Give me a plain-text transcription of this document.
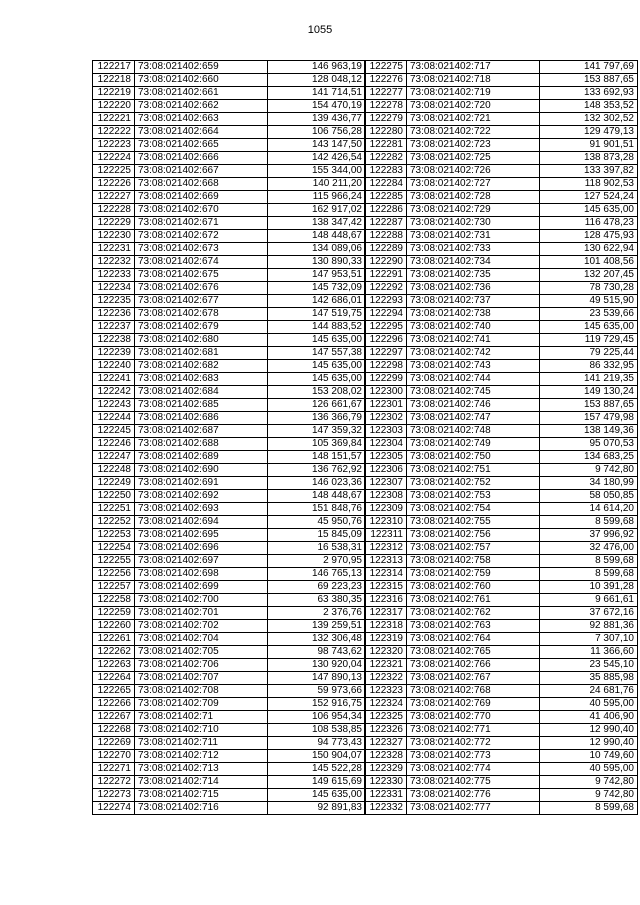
1055
122217	73:08:021402:659	146 963,19
122218	73:08:021402:660	128 048,12
122219	73:08:021402:661	141 714,51
122220	73:08:021402:662	154 470,19
122221	73:08:021402:663	139 436,77
122222	73:08:021402:664	106 756,28
122223	73:08:021402:665	143 147,50
122224	73:08:021402:666	142 426,54
122225	73:08:021402:667	155 344,00
122226	73:08:021402:668	140 211,20
122227	73:08:021402:669	115 966,24
122228	73:08:021402:670	162 917,02
122229	73:08:021402:671	138 347,42
122230	73:08:021402:672	148 448,67
122231	73:08:021402:673	134 089,06
122232	73:08:021402:674	130 890,33
122233	73:08:021402:675	147 953,51
122234	73:08:021402:676	145 732,09
122235	73:08:021402:677	142 686,01
122236	73:08:021402:678	147 519,75
122237	73:08:021402:679	144 883,52
122238	73:08:021402:680	145 635,00
122239	73:08:021402:681	147 557,38
122240	73:08:021402:682	145 635,00
122241	73:08:021402:683	145 635,00
122242	73:08:021402:684	153 208,02
122243	73:08:021402:685	126 661,67
122244	73:08:021402:686	136 366,79
122245	73:08:021402:687	147 359,32
122246	73:08:021402:688	105 369,84
122247	73:08:021402:689	148 151,57
122248	73:08:021402:690	136 762,92
122249	73:08:021402:691	146 023,36
122250	73:08:021402:692	148 448,67
122251	73:08:021402:693	151 848,76
122252	73:08:021402:694	45 950,76
122253	73:08:021402:695	15 845,09
122254	73:08:021402:696	16 538,31
122255	73:08:021402:697	2 970,95
122256	73:08:021402:698	146 765,13
122257	73:08:021402:699	69 223,23
122258	73:08:021402:700	63 380,35
122259	73:08:021402:701	2 376,76
122260	73:08:021402:702	139 259,51
122261	73:08:021402:704	132 306,48
122262	73:08:021402:705	98 743,62
122263	73:08:021402:706	130 920,04
122264	73:08:021402:707	147 890,13
122265	73:08:021402:708	59 973,66
122266	73:08:021402:709	152 916,75
122267	73:08:021402:71	106 954,34
122268	73:08:021402:710	108 538,85
122269	73:08:021402:711	94 773,43
122270	73:08:021402:712	150 904,07
122271	73:08:021402:713	145 522,28
122272	73:08:021402:714	149 615,69
122273	73:08:021402:715	145 635,00
122274	73:08:021402:716	92 891,83
122275	73:08:021402:717	141 797,69
122276	73:08:021402:718	153 887,65
122277	73:08:021402:719	133 692,93
122278	73:08:021402:720	148 353,52
122279	73:08:021402:721	132 302,52
122280	73:08:021402:722	129 479,13
122281	73:08:021402:723	91 901,51
122282	73:08:021402:725	138 873,28
122283	73:08:021402:726	133 397,82
122284	73:08:021402:727	118 902,53
122285	73:08:021402:728	127 524,24
122286	73:08:021402:729	145 635,00
122287	73:08:021402:730	116 478,23
122288	73:08:021402:731	128 475,93
122289	73:08:021402:733	130 622,94
122290	73:08:021402:734	101 408,56
122291	73:08:021402:735	132 207,45
122292	73:08:021402:736	78 730,28
122293	73:08:021402:737	49 515,90
122294	73:08:021402:738	23 539,66
122295	73:08:021402:740	145 635,00
122296	73:08:021402:741	119 729,45
122297	73:08:021402:742	79 225,44
122298	73:08:021402:743	86 332,95
122299	73:08:021402:744	141 219,35
122300	73:08:021402:745	149 130,24
122301	73:08:021402:746	153 887,65
122302	73:08:021402:747	157 479,98
122303	73:08:021402:748	138 149,36
122304	73:08:021402:749	95 070,53
122305	73:08:021402:750	134 683,25
122306	73:08:021402:751	9 742,80
122307	73:08:021402:752	34 180,99
122308	73:08:021402:753	58 050,85
122309	73:08:021402:754	14 614,20
122310	73:08:021402:755	8 599,68
122311	73:08:021402:756	37 996,92
122312	73:08:021402:757	32 476,00
122313	73:08:021402:758	8 599,68
122314	73:08:021402:759	8 599,68
122315	73:08:021402:760	10 391,28
122316	73:08:021402:761	9 661,61
122317	73:08:021402:762	37 672,16
122318	73:08:021402:763	92 881,36
122319	73:08:021402:764	7 307,10
122320	73:08:021402:765	11 366,60
122321	73:08:021402:766	23 545,10
122322	73:08:021402:767	35 885,98
122323	73:08:021402:768	24 681,76
122324	73:08:021402:769	40 595,00
122325	73:08:021402:770	41 406,90
122326	73:08:021402:771	12 990,40
122327	73:08:021402:772	12 990,40
122328	73:08:021402:773	10 749,60
122329	73:08:021402:774	40 595,00
122330	73:08:021402:775	9 742,80
122331	73:08:021402:776	9 742,80
122332	73:08:021402:777	8 599,68
